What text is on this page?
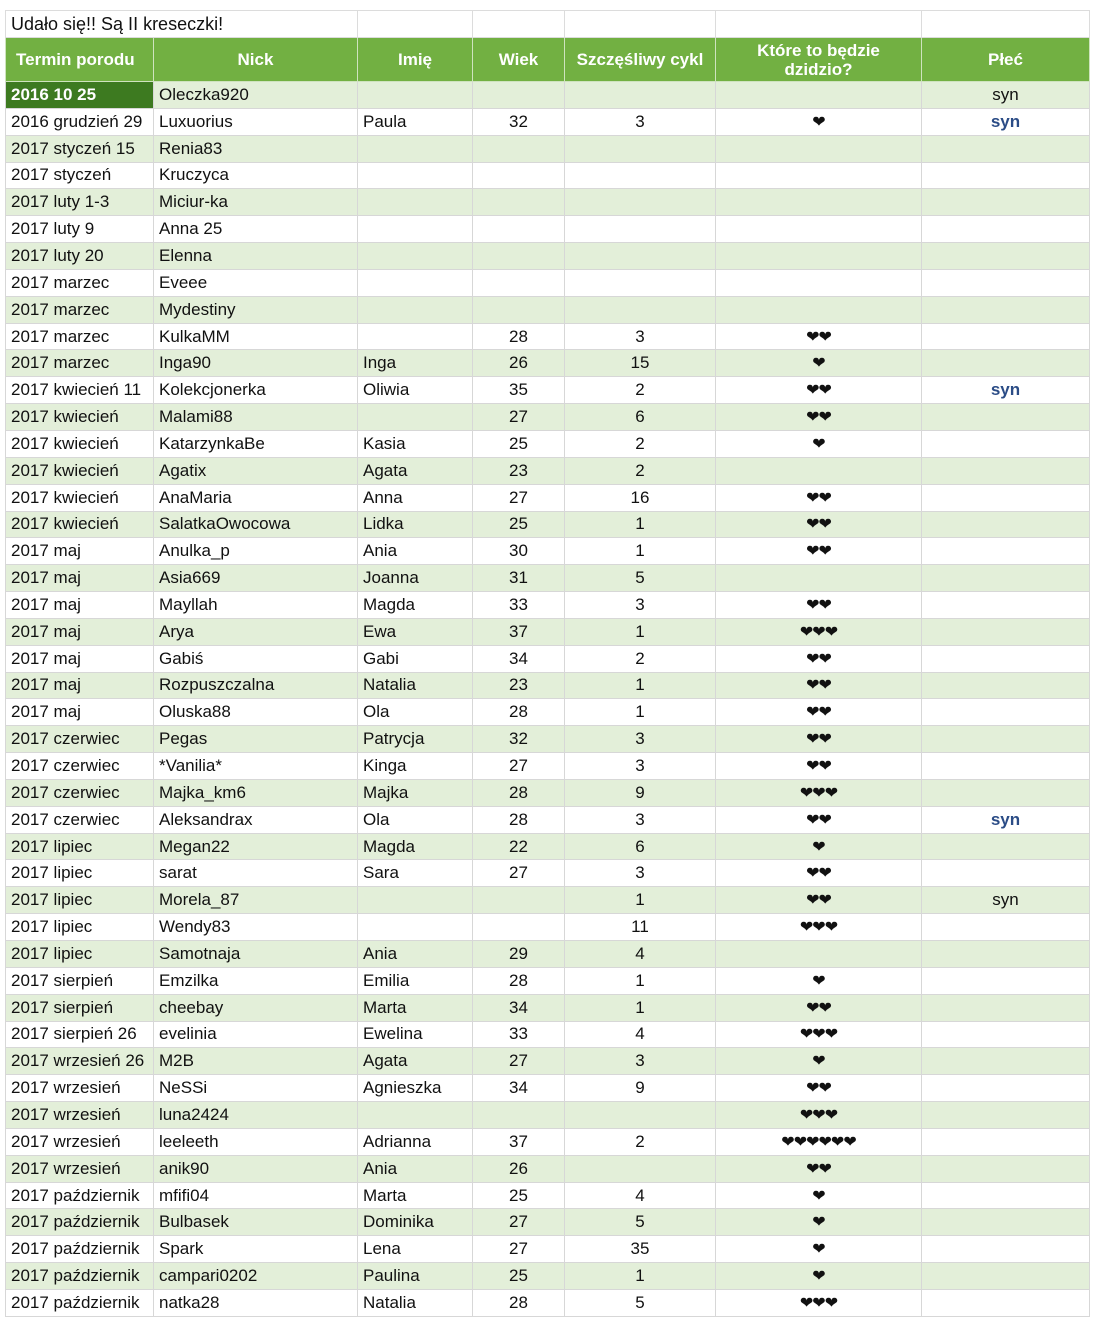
Udało się!! Są II kreseczki!						
Termin porodu	Nick	Imię	Wiek	Szczęśliwy cykl	Które to będzie dzidzio?	Płeć
2016 10 25	Oleczka920					syn
2016 grudzień 29	Luxuorius	Paula	32	3	❤	syn
2017 styczeń 15	Renia83					
2017 styczeń	Kruczyca					
2017 luty 1-3	Miciur-ka					
2017 luty 9	Anna 25					
2017 luty 20	Elenna					
2017 marzec	Eveee					
2017 marzec	Mydestiny					
2017 marzec	KulkaMM		28	3	❤❤	
2017 marzec	Inga90	Inga	26	15	❤	
2017 kwiecień 11	Kolekcjonerka	Oliwia	35	2	❤❤	syn
2017 kwiecień	Malami88		27	6	❤❤	
2017 kwiecień	KatarzynkaBe	Kasia	25	2	❤	
2017 kwiecień	Agatix	Agata	23	2		
2017 kwiecień	AnaMaria	Anna	27	16	❤❤	
2017 kwiecień	SalatkaOwocowa	Lidka	25	1	❤❤	
2017 maj	Anulka_p	Ania	30	1	❤❤	
2017 maj	Asia669	Joanna	31	5		
2017 maj	Mayllah	Magda	33	3	❤❤	
2017 maj	Arya	Ewa	37	1	❤❤❤	
2017 maj	Gabiś	Gabi	34	2	❤❤	
2017 maj	Rozpuszczalna	Natalia	23	1	❤❤	
2017 maj	Oluska88	Ola	28	1	❤❤	
2017 czerwiec	Pegas	Patrycja	32	3	❤❤	
2017 czerwiec	*Vanilia*	Kinga	27	3	❤❤	
2017 czerwiec	Majka_km6	Majka	28	9	❤❤❤	
2017 czerwiec	Aleksandrax	Ola	28	3	❤❤	syn
2017 lipiec	Megan22	Magda	22	6	❤	
2017 lipiec	sarat	Sara	27	3	❤❤	
2017 lipiec	Morela_87			1	❤❤	syn
2017 lipiec	Wendy83			11	❤❤❤	
2017 lipiec	Samotnaja	Ania	29	4		
2017 sierpień	Emzilka	Emilia	28	1	❤	
2017 sierpień	cheebay	Marta	34	1	❤❤	
2017 sierpień 26	evelinia	Ewelina	33	4	❤❤❤	
2017 wrzesień 26	M2B	Agata	27	3	❤	
2017 wrzesień	NeSSi	Agnieszka	34	9	❤❤	
2017 wrzesień	luna2424				❤❤❤	
2017 wrzesień	leeleeth	Adrianna	37	2	❤❤❤❤❤❤	
2017 wrzesień	anik90	Ania	26		❤❤	
2017 październik	mfifi04	Marta	25	4	❤	
2017 październik	Bulbasek	Dominika	27	5	❤	
2017 październik	Spark	Lena	27	35	❤	
2017 październik	campari0202	Paulina	25	1	❤	
2017 październik	natka28	Natalia	28	5	❤❤❤	
